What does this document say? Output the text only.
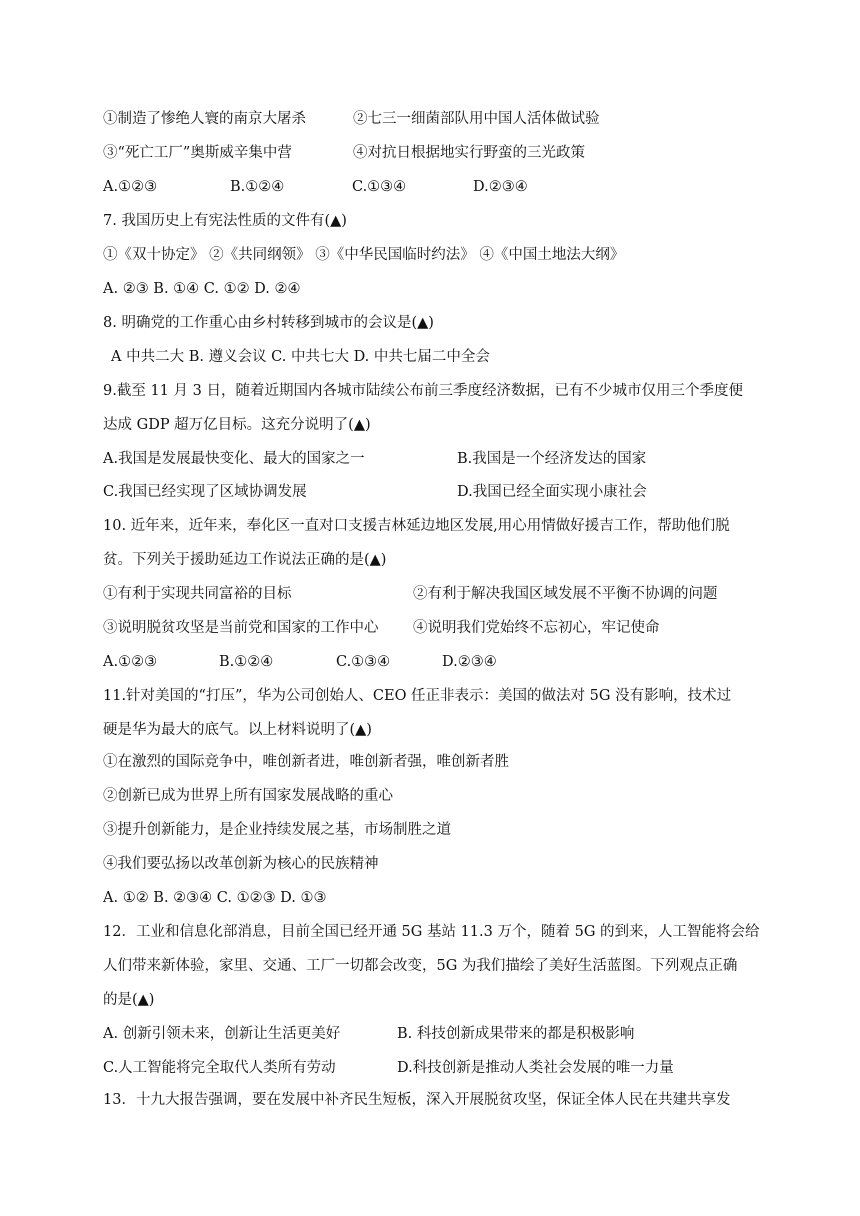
①制造了惨绝人寰的南京大屠杀	②七三一细菌部队用中国人活体做试验
③“死亡工厂”奥斯威辛集中营	④对抗日根据地实行野蛮的三光政策
A.①②③	B.①②④	C.①③④	D.②③④
7. 我国历史上有宪法性质的文件有(▲)
①《双十协定》 ②《共同纲领》 ③《中华民国临时约法》 ④《中国土地法大纲》
A. ②③ B. ①④ C. ①② D. ②④
8. 明确党的工作重心由乡村转移到城市的会议是(▲)
A 中共二大 B. 遵义会议 C. 中共七大 D. 中共七届二中全会
9.截至 11 月 3 日，随着近期国内各城市陆续公布前三季度经济数据，已有不少城市仅用三个季度便
达成 GDP 超万亿目标。这充分说明了(▲)
A.我国是发展最快变化、最大的国家之一	B.我国是一个经济发达的国家
C.我国已经实现了区域协调发展	D.我国已经全面实现小康社会
10. 近年来，近年来，奉化区一直对口支援吉林延边地区发展,用心用情做好援吉工作，帮助他们脱
贫。下列关于援助延边工作说法正确的是(▲)
①有利于实现共同富裕的目标	②有利于解决我国区域发展不平衡不协调的问题
③说明脱贫攻坚是当前党和国家的工作中心 ④说明我们党始终不忘初心，牢记使命
A.①②③	B.①②④	C.①③④	D.②③④
11.针对美国的“打压”，华为公司创始人、CEO 任正非表示：美国的做法对 5G 没有影响，技术过
硬是华为最大的底气。以上材料说明了(▲)
①在激烈的国际竞争中，唯创新者进，唯创新者强，唯创新者胜
②创新已成为世界上所有国家发展战略的重心
③提升创新能力，是企业持续发展之基，市场制胜之道
④我们要弘扬以改革创新为核心的民族精神
A. ①② B. ②③④ C. ①②③ D. ①③
12．工业和信息化部消息，目前全国已经开通 5G 基站 11.3 万个，随着 5G 的到来，人工智能将会给
人们带来新体验，家里、交通、工厂一切都会改变，5G 为我们描绘了美好生活蓝图。下列观点正确
的是(▲)
A. 创新引领未来，创新让生活更美好	B. 科技创新成果带来的都是积极影响
C.人工智能将完全取代人类所有劳动	D.科技创新是推动人类社会发展的唯一力量
13．十九大报告强调，要在发展中补齐民生短板，深入开展脱贫攻坚，保证全体人民在共建共享发
